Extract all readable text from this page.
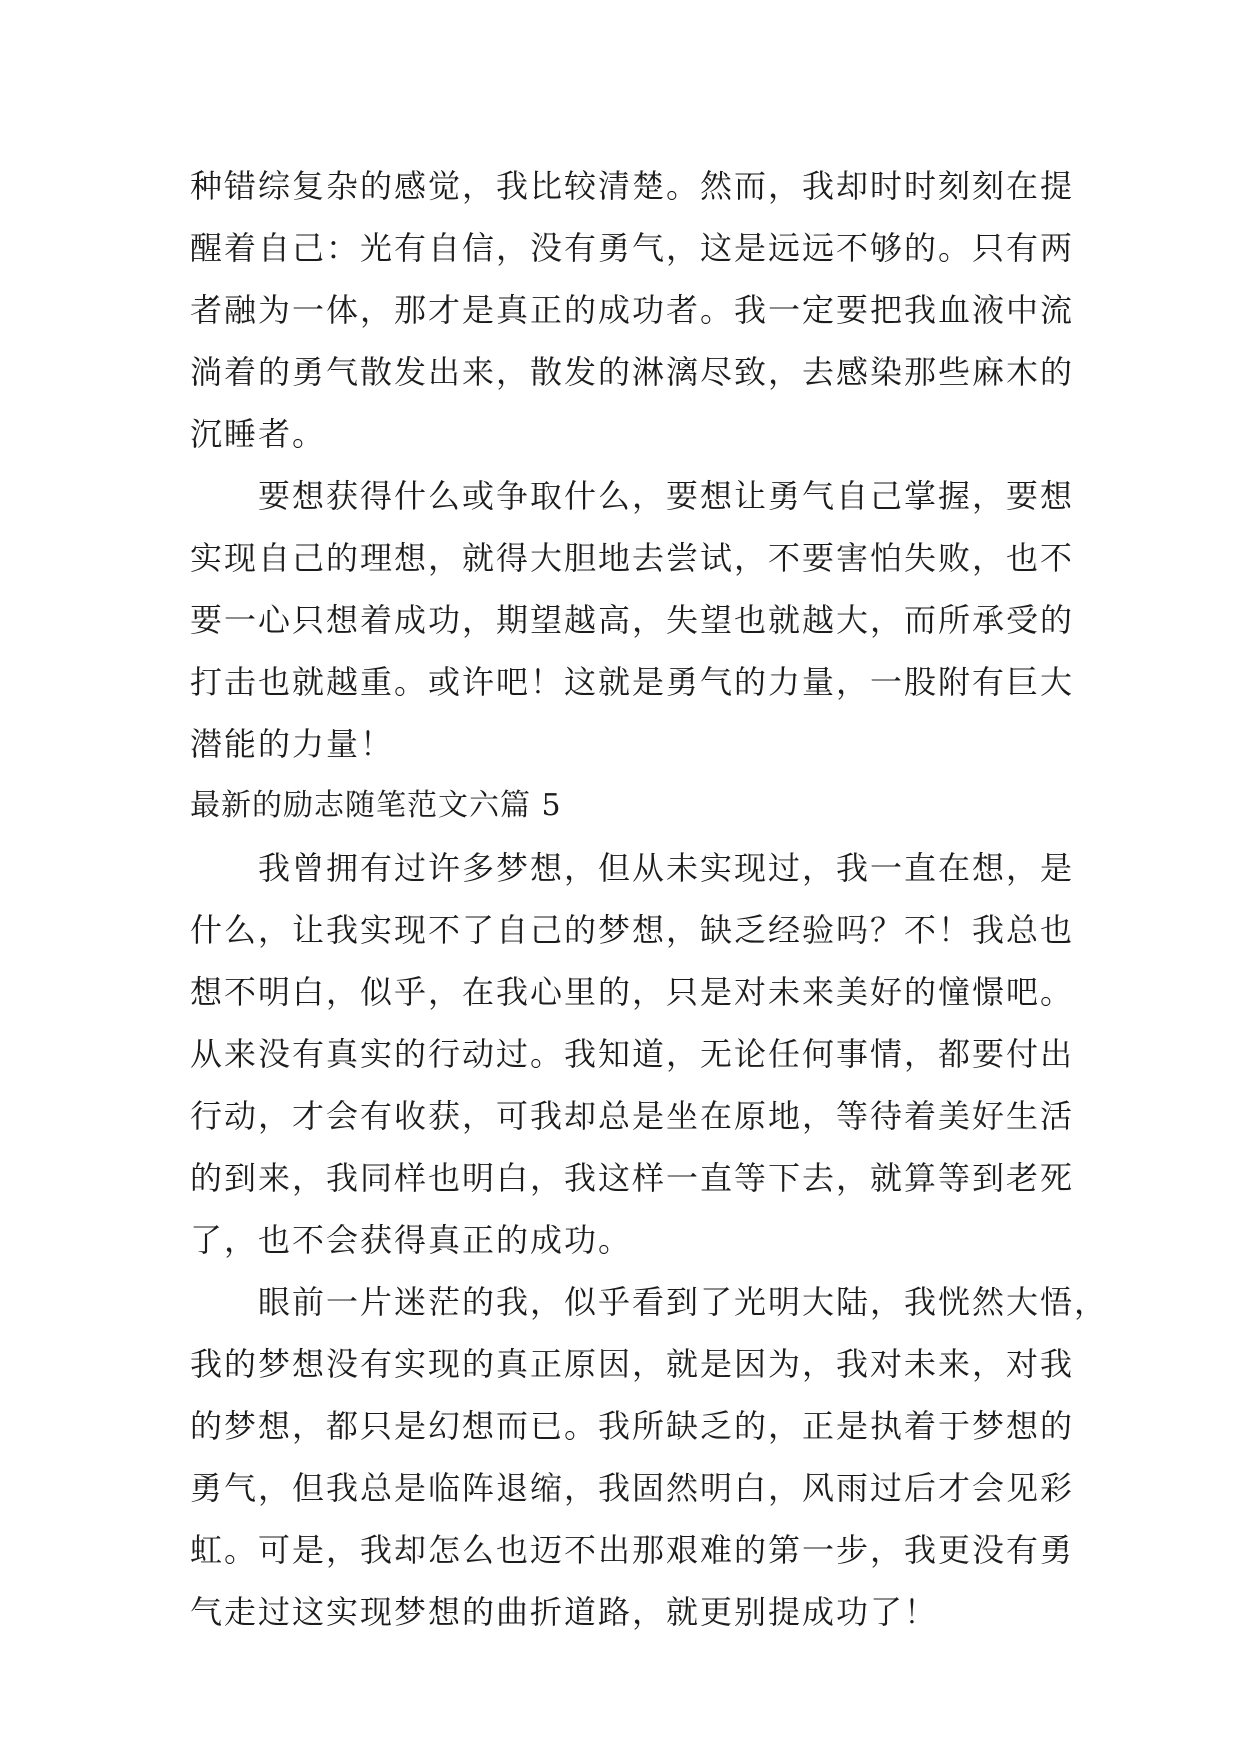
种错综复杂的感觉，我比较清楚。然而，我却时时刻刻在提
醒着自己：光有自信，没有勇气，这是远远不够的。只有两
者融为一体，那才是真正的成功者。我一定要把我血液中流
淌着的勇气散发出来，散发的淋漓尽致，去感染那些麻木的
沉睡者。
　　要想获得什么或争取什么，要想让勇气自己掌握，要想
实现自己的理想，就得大胆地去尝试，不要害怕失败，也不
要一心只想着成功，期望越高，失望也就越大，而所承受的
打击也就越重。或许吧！这就是勇气的力量，一股附有巨大
潜能的力量！
最新的励志随笔范文六篇 5
　　我曾拥有过许多梦想，但从未实现过，我一直在想，是
什么，让我实现不了自己的梦想，缺乏经验吗？不！我总也
想不明白，似乎，在我心里的，只是对未来美好的憧憬吧。
从来没有真实的行动过。我知道，无论任何事情，都要付出
行动，才会有收获，可我却总是坐在原地，等待着美好生活
的到来，我同样也明白，我这样一直等下去，就算等到老死
了，也不会获得真正的成功。
　　眼前一片迷茫的我，似乎看到了光明大陆，我恍然大悟，
我的梦想没有实现的真正原因，就是因为，我对未来，对我
的梦想，都只是幻想而已。我所缺乏的，正是执着于梦想的
勇气，但我总是临阵退缩，我固然明白，风雨过后才会见彩
虹。可是，我却怎么也迈不出那艰难的第一步，我更没有勇
气走过这实现梦想的曲折道路，就更别提成功了！
